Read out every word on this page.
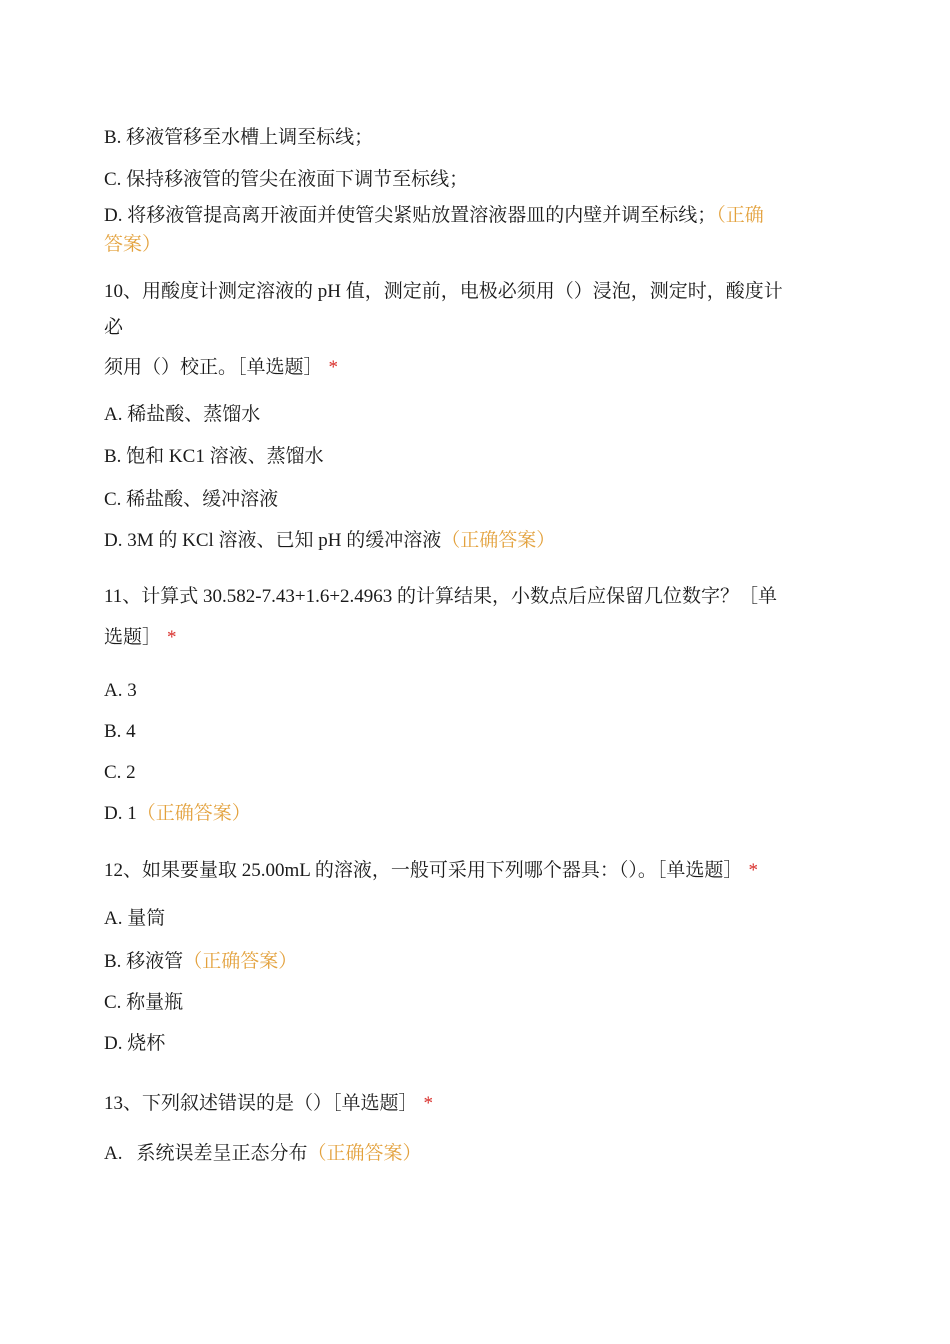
B. 移液管移至水槽上调至标线；
C. 保持移液管的管尖在液面下调节至标线；
D. 将移液管提高离开液面并使管尖紧贴放置溶液器皿的内壁并调至标线；（正确
答案）
10、用酸度计测定溶液的 pH 值，测定前，电极必须用（）浸泡，测定时，酸度计
必
须用（）校正。［单选题］ *
A. 稀盐酸、蒸馏水
B. 饱和 KC1 溶液、蒸馏水
C. 稀盐酸、缓冲溶液
D. 3M 的 KCl 溶液、已知 pH 的缓冲溶液（正确答案）
11、计算式 30.582-7.43+1.6+2.4963 的计算结果，小数点后应保留几位数字？［单
选题］ *
A. 3
B. 4
C. 2
D. 1（正确答案）
12、如果要量取 25.00mL 的溶液，一般可采用下列哪个器具：（）。［单选题］ *
A. 量筒
B. 移液管（正确答案）
C. 称量瓶
D. 烧杯
13、下列叙述错误的是（）［单选题］ *
A. 系统误差呈正态分布（正确答案）
